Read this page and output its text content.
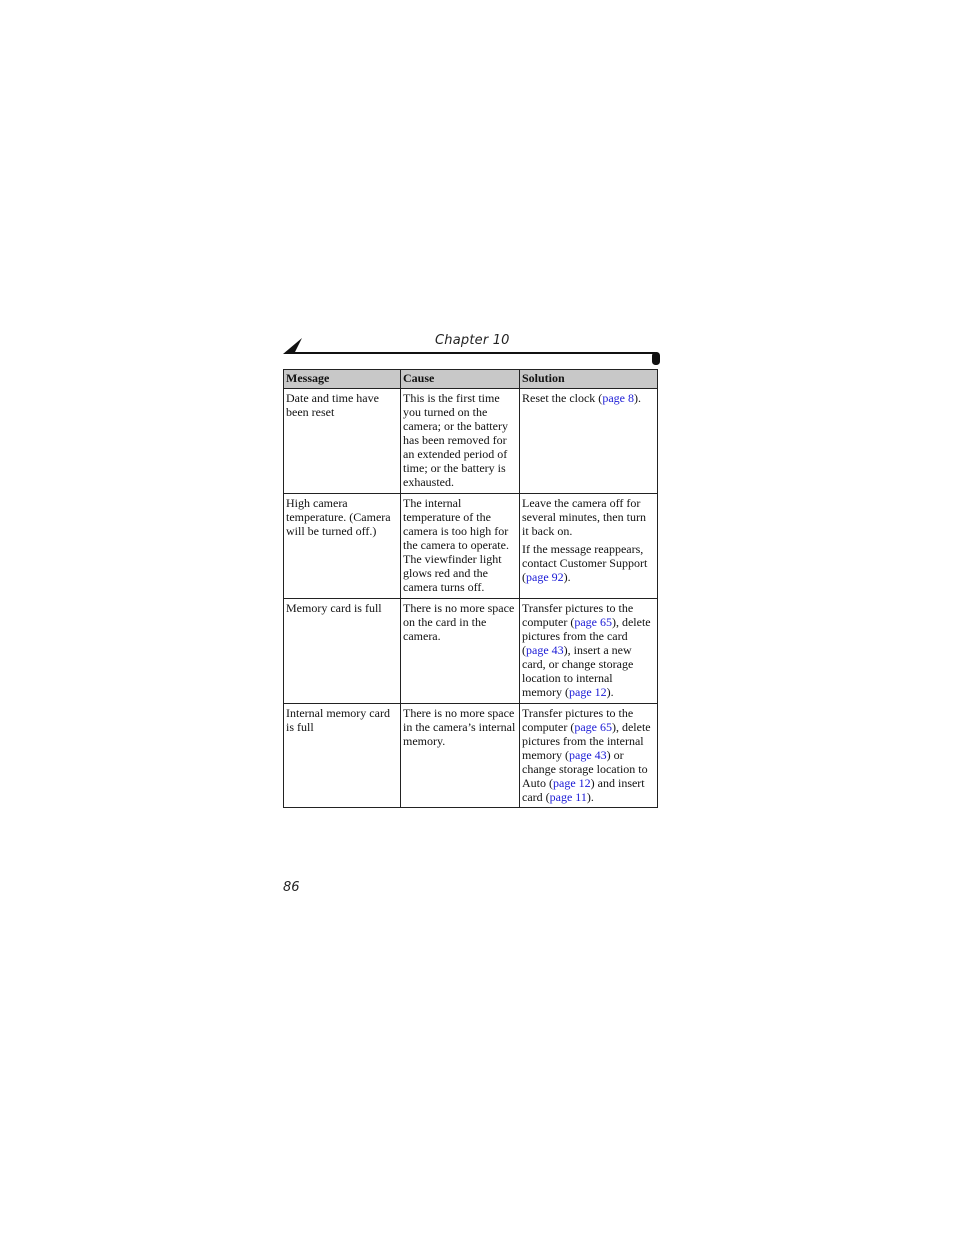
Chapter 10
Message	Cause	Solution
Date and time have been reset	This is the first time you turned on the camera; or the battery has been removed for an extended period of time; or the battery is exhausted.	Reset the clock (page 8).

High camera temperature. (Camera will be turned off.)	The internal temperature of the camera is too high for the camera to operate. The viewfinder light glows red and the camera turns off.	Leave the camera off for several minutes, then turn it back on.

If the message reappears, contact Customer Support (page 92).

Memory card is full	There is no more space on the card in the camera.	Transfer pictures to the computer (page 65), delete pictures from the card (page 43), insert a new card, or change storage location to internal memory (page 12).

Internal memory card is full	There is no more space in the camera’s internal memory.	Transfer pictures to the computer (page 65), delete pictures from the internal memory (page 43) or change storage location to Auto (page 12) and insert card (page 11).

86
